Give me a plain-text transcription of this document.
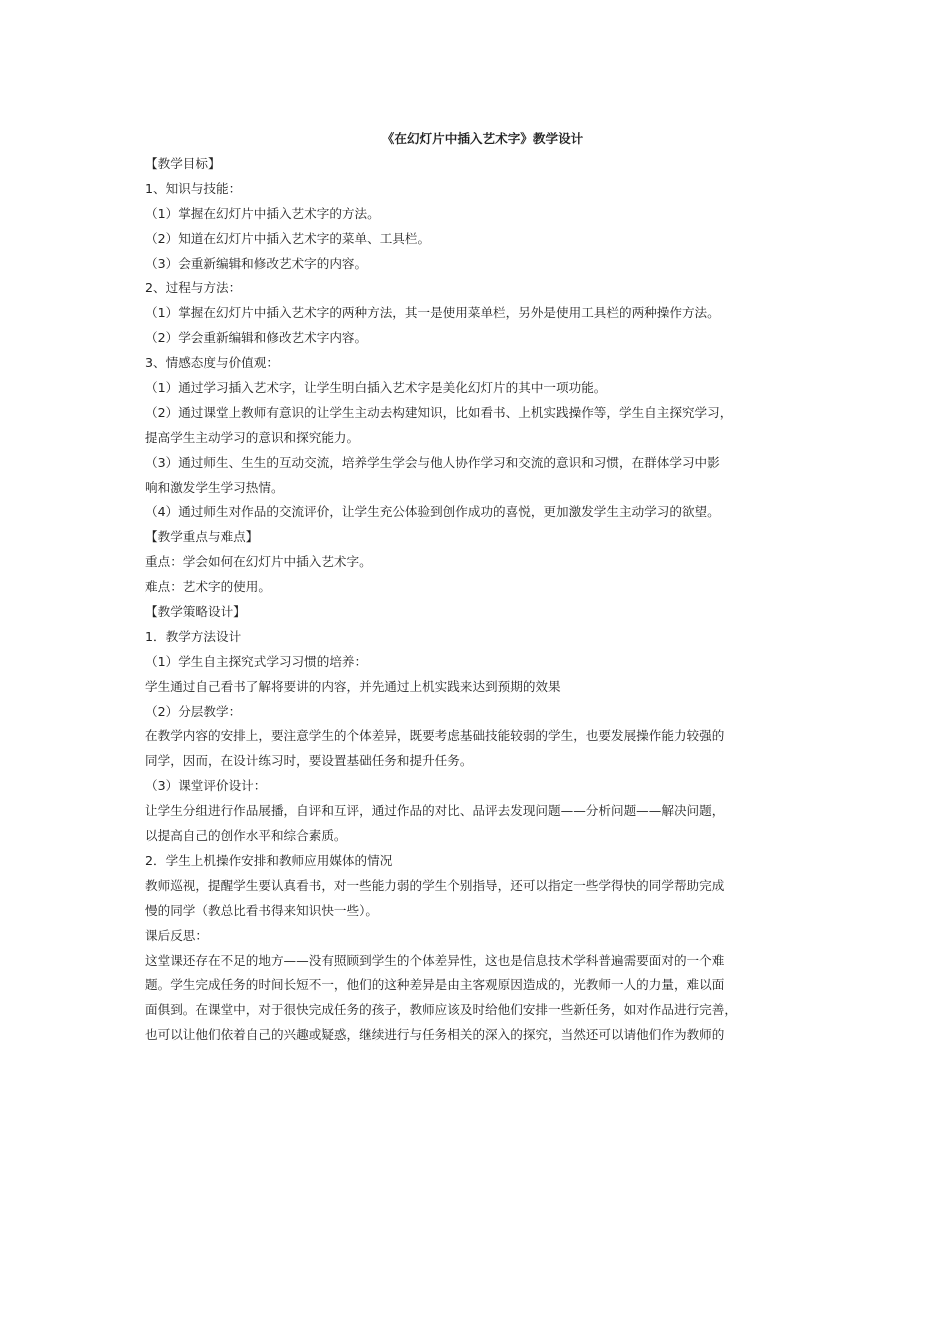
《在幻灯片中插入艺术字》教学设计
【教学目标】
1、知识与技能：
（1）掌握在幻灯片中插入艺术字的方法。
（2）知道在幻灯片中插入艺术字的菜单、工具栏。
（3）会重新编辑和修改艺术字的内容。
2、过程与方法：
（1）掌握在幻灯片中插入艺术字的两种方法，其一是使用菜单栏，另外是使用工具栏的两种操作方法。
（2）学会重新编辑和修改艺术字内容。
3、情感态度与价值观：
（1）通过学习插入艺术字，让学生明白插入艺术字是美化幻灯片的其中一项功能。
（2）通过课堂上教师有意识的让学生主动去构建知识，比如看书、上机实践操作等，学生自主探究学习，
提高学生主动学习的意识和探究能力。
（3）通过师生、生生的互动交流，培养学生学会与他人协作学习和交流的意识和习惯，在群体学习中影
响和激发学生学习热情。
（4）通过师生对作品的交流评价，让学生充公体验到创作成功的喜悦，更加激发学生主动学习的欲望。
【教学重点与难点】
重点：学会如何在幻灯片中插入艺术字。
难点：艺术字的使用。
【教学策略设计】
1．教学方法设计
（1）学生自主探究式学习习惯的培养：
学生通过自己看书了解将要讲的内容，并先通过上机实践来达到预期的效果
（2）分层教学：
在教学内容的安排上，要注意学生的个体差异，既要考虑基础技能较弱的学生，也要发展操作能力较强的
同学，因而，在设计练习时，要设置基础任务和提升任务。
（3）课堂评价设计：
让学生分组进行作品展播，自评和互评，通过作品的对比、品评去发现问题——分析问题——解决问题，
以提高自己的创作水平和综合素质。
2．学生上机操作安排和教师应用媒体的情况
教师巡视，提醒学生要认真看书，对一些能力弱的学生个别指导，还可以指定一些学得快的同学帮助完成
慢的同学（教总比看书得来知识快一些）。
课后反思：
这堂课还存在不足的地方——没有照顾到学生的个体差异性，这也是信息技术学科普遍需要面对的一个难
题。学生完成任务的时间长短不一，他们的这种差异是由主客观原因造成的，光教师一人的力量，难以面
面俱到。在课堂中，对于很快完成任务的孩子，教师应该及时给他们安排一些新任务，如对作品进行完善，
也可以让他们依着自己的兴趣或疑惑，继续进行与任务相关的深入的探究，当然还可以请他们作为教师的
